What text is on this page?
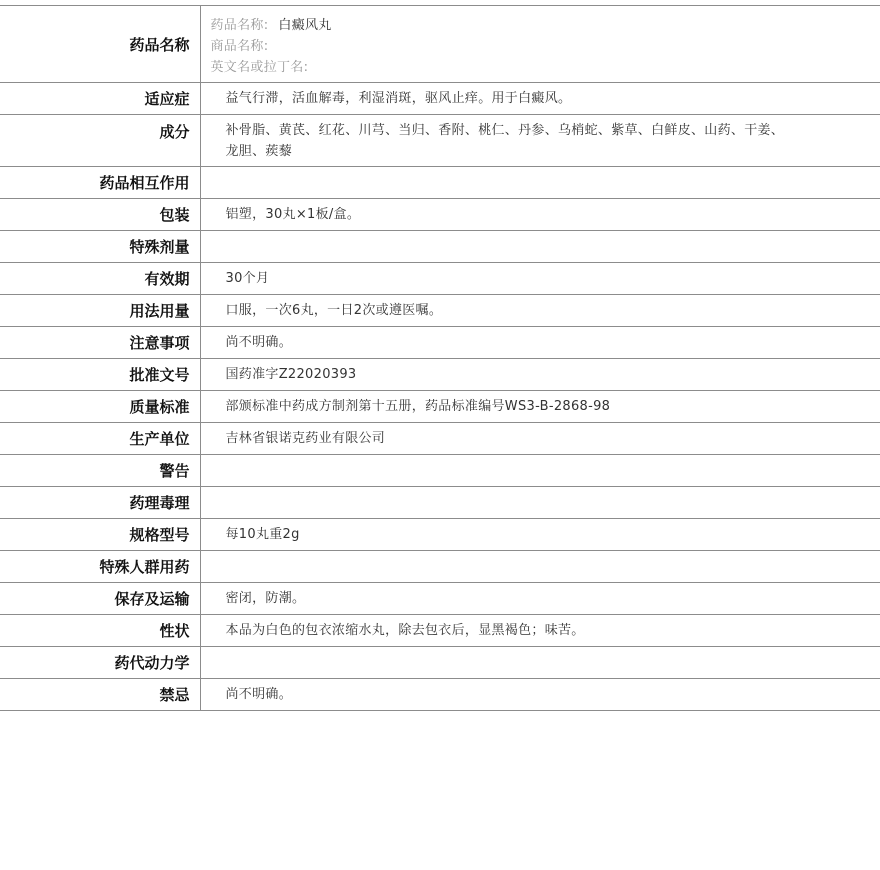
药品名称	药品名称: 白癜风丸
商品名称:
英文名或拉丁名:

适应症	益气行滞，活血解毒，利湿消斑，驱风止痒。用于白癜风。
成分	补骨脂、黄芪、红花、川芎、当归、香附、桃仁、丹参、乌梢蛇、紫草、白鲜皮、山药、干姜、龙胆、蒺藜
药品相互作用	
包装	铝塑，30丸×1板/盒。
特殊剂量	
有效期	30个月
用法用量	口服，一次6丸，一日2次或遵医嘱。
注意事项	尚不明确。
批准文号	国药准字Z22020393
质量标准	部颁标准中药成方制剂第十五册，药品标准编号WS3-B-2868-98
生产单位	吉林省银诺克药业有限公司
警告	
药理毒理	
规格型号	每10丸重2g
特殊人群用药	
保存及运输	密闭，防潮。
性状	本品为白色的包衣浓缩水丸，除去包衣后，显黑褐色；味苦。
药代动力学	
禁忌	尚不明确。
